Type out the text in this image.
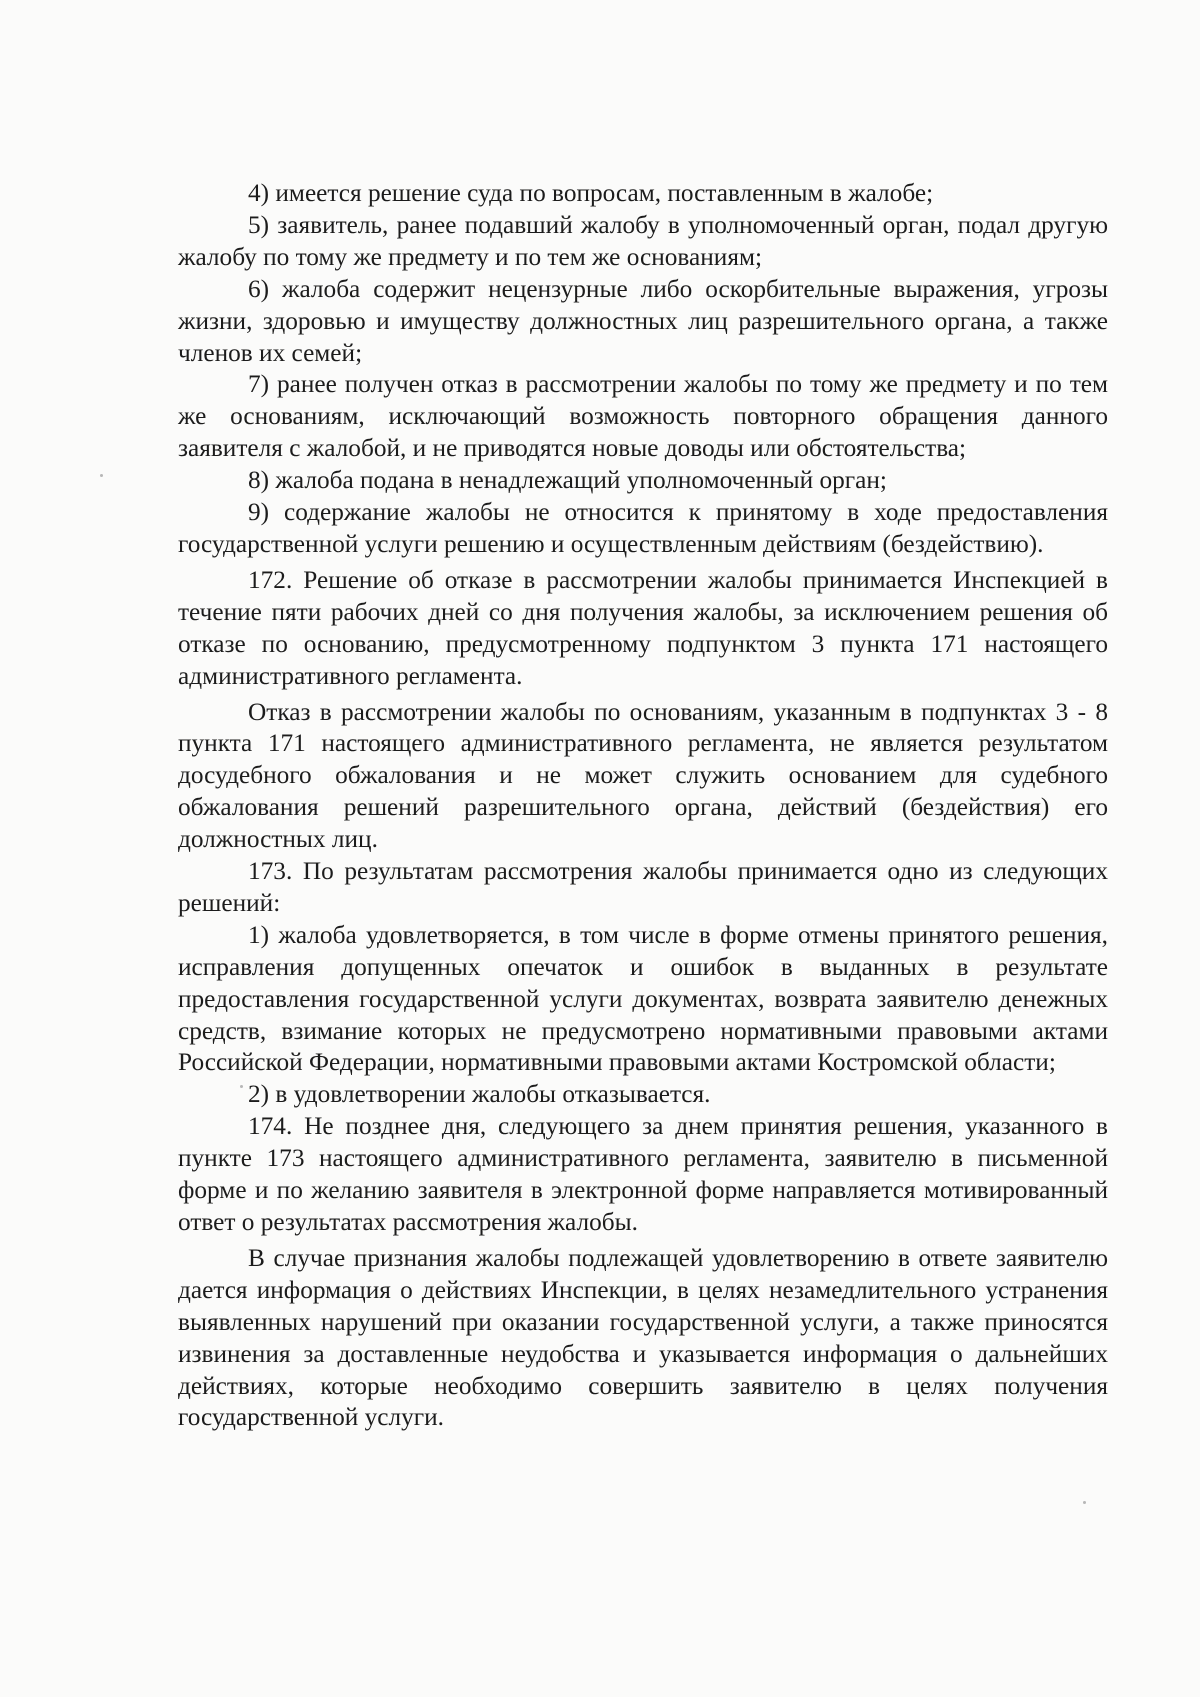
4) имеется решение суда по вопросам, поставленным в жалобе;

5) заявитель, ранее подавший жалобу в уполномоченный орган, подал другую жалобу по тому же предмету и по тем же основаниям;

6) жалоба содержит нецензурные либо оскорбительные выражения, угрозы жизни, здоровью и имуществу должностных лиц разрешительного органа, а также членов их семей;

7) ранее получен отказ в рассмотрении жалобы по тому же предмету и по тем же основаниям, исключающий возможность повторного обращения данного заявителя с жалобой, и не приводятся новые доводы или обстоятельства;

8) жалоба подана в ненадлежащий уполномоченный орган;

9) содержание жалобы не относится к принятому в ходе предоставления государственной услуги решению и осуществленным действиям (бездействию).

172. Решение об отказе в рассмотрении жалобы принимается Инспекцией в течение пяти рабочих дней со дня получения жалобы, за исключением решения об отказе по основанию, предусмотренному подпунктом 3 пункта 171 настоящего административного регламента.

Отказ в рассмотрении жалобы по основаниям, указанным в подпунктах 3 - 8 пункта 171 настоящего административного регламента, не является результатом досудебного обжалования и не может служить основанием для судебного обжалования решений разрешительного органа, действий (бездействия) его должностных лиц.

173. По результатам рассмотрения жалобы принимается одно из следующих решений:

1) жалоба удовлетворяется, в том числе в форме отмены принятого решения, исправления допущенных опечаток и ошибок в выданных в результате предоставления государственной услуги документах, возврата заявителю денежных средств, взимание которых не предусмотрено нормативными правовыми актами Российской Федерации, нормативными правовыми актами Костромской области;

2) в удовлетворении жалобы отказывается.

174. Не позднее дня, следующего за днем принятия решения, указанного в пункте 173 настоящего административного регламента, заявителю в письменной форме и по желанию заявителя в электронной форме направляется мотивированный ответ о результатах рассмотрения жалобы.

В случае признания жалобы подлежащей удовлетворению в ответе заявителю дается информация о действиях Инспекции, в целях незамедлительного устранения выявленных нарушений при оказании государственной услуги, а также приносятся извинения за доставленные неудобства и указывается информация о дальнейших действиях, которые необходимо совершить заявителю в целях получения государственной услуги.
